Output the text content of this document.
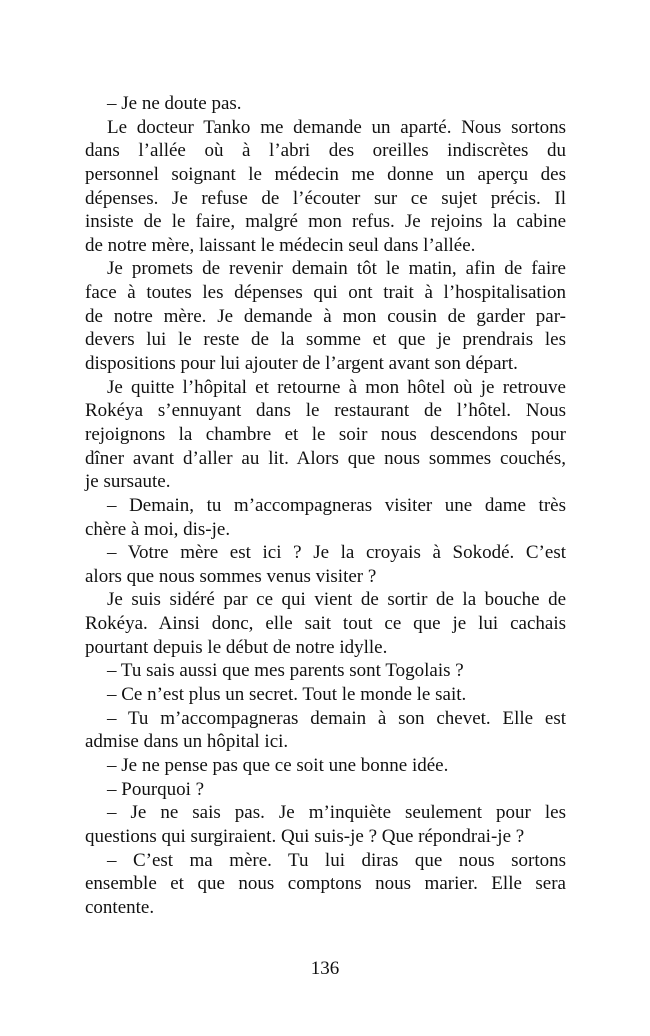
– Je ne doute pas.
Le docteur Tanko me demande un aparté. Nous sortons
dans l’allée où à l’abri des oreilles indiscrètes du
personnel soignant le médecin me donne un aperçu des
dépenses. Je refuse de l’écouter sur ce sujet précis. Il
insiste de le faire, malgré mon refus. Je rejoins la cabine
de notre mère, laissant le médecin seul dans l’allée.
Je promets de revenir demain tôt le matin, afin de faire
face à toutes les dépenses qui ont trait à l’hospitalisation
de notre mère. Je demande à mon cousin de garder par-
devers lui le reste de la somme et que je prendrais les
dispositions pour lui ajouter de l’argent avant son départ.
Je quitte l’hôpital et retourne à mon hôtel où je retrouve
Rokéya s’ennuyant dans le restaurant de l’hôtel. Nous
rejoignons la chambre et le soir nous descendons pour
dîner avant d’aller au lit. Alors que nous sommes couchés,
je sursaute.
– Demain, tu m’accompagneras visiter une dame très
chère à moi, dis-je.
– Votre mère est ici ? Je la croyais à Sokodé. C’est
alors que nous sommes venus visiter ?
Je suis sidéré par ce qui vient de sortir de la bouche de
Rokéya. Ainsi donc, elle sait tout ce que je lui cachais
pourtant depuis le début de notre idylle.
– Tu sais aussi que mes parents sont Togolais ?
– Ce n’est plus un secret. Tout le monde le sait.
– Tu m’accompagneras demain à son chevet. Elle est
admise dans un hôpital ici.
– Je ne pense pas que ce soit une bonne idée.
– Pourquoi ?
– Je ne sais pas. Je m’inquiète seulement pour les
questions qui surgiraient. Qui suis-je ? Que répondrai-je ?
– C’est ma mère. Tu lui diras que nous sortons
ensemble et que nous comptons nous marier. Elle sera
contente.
136
